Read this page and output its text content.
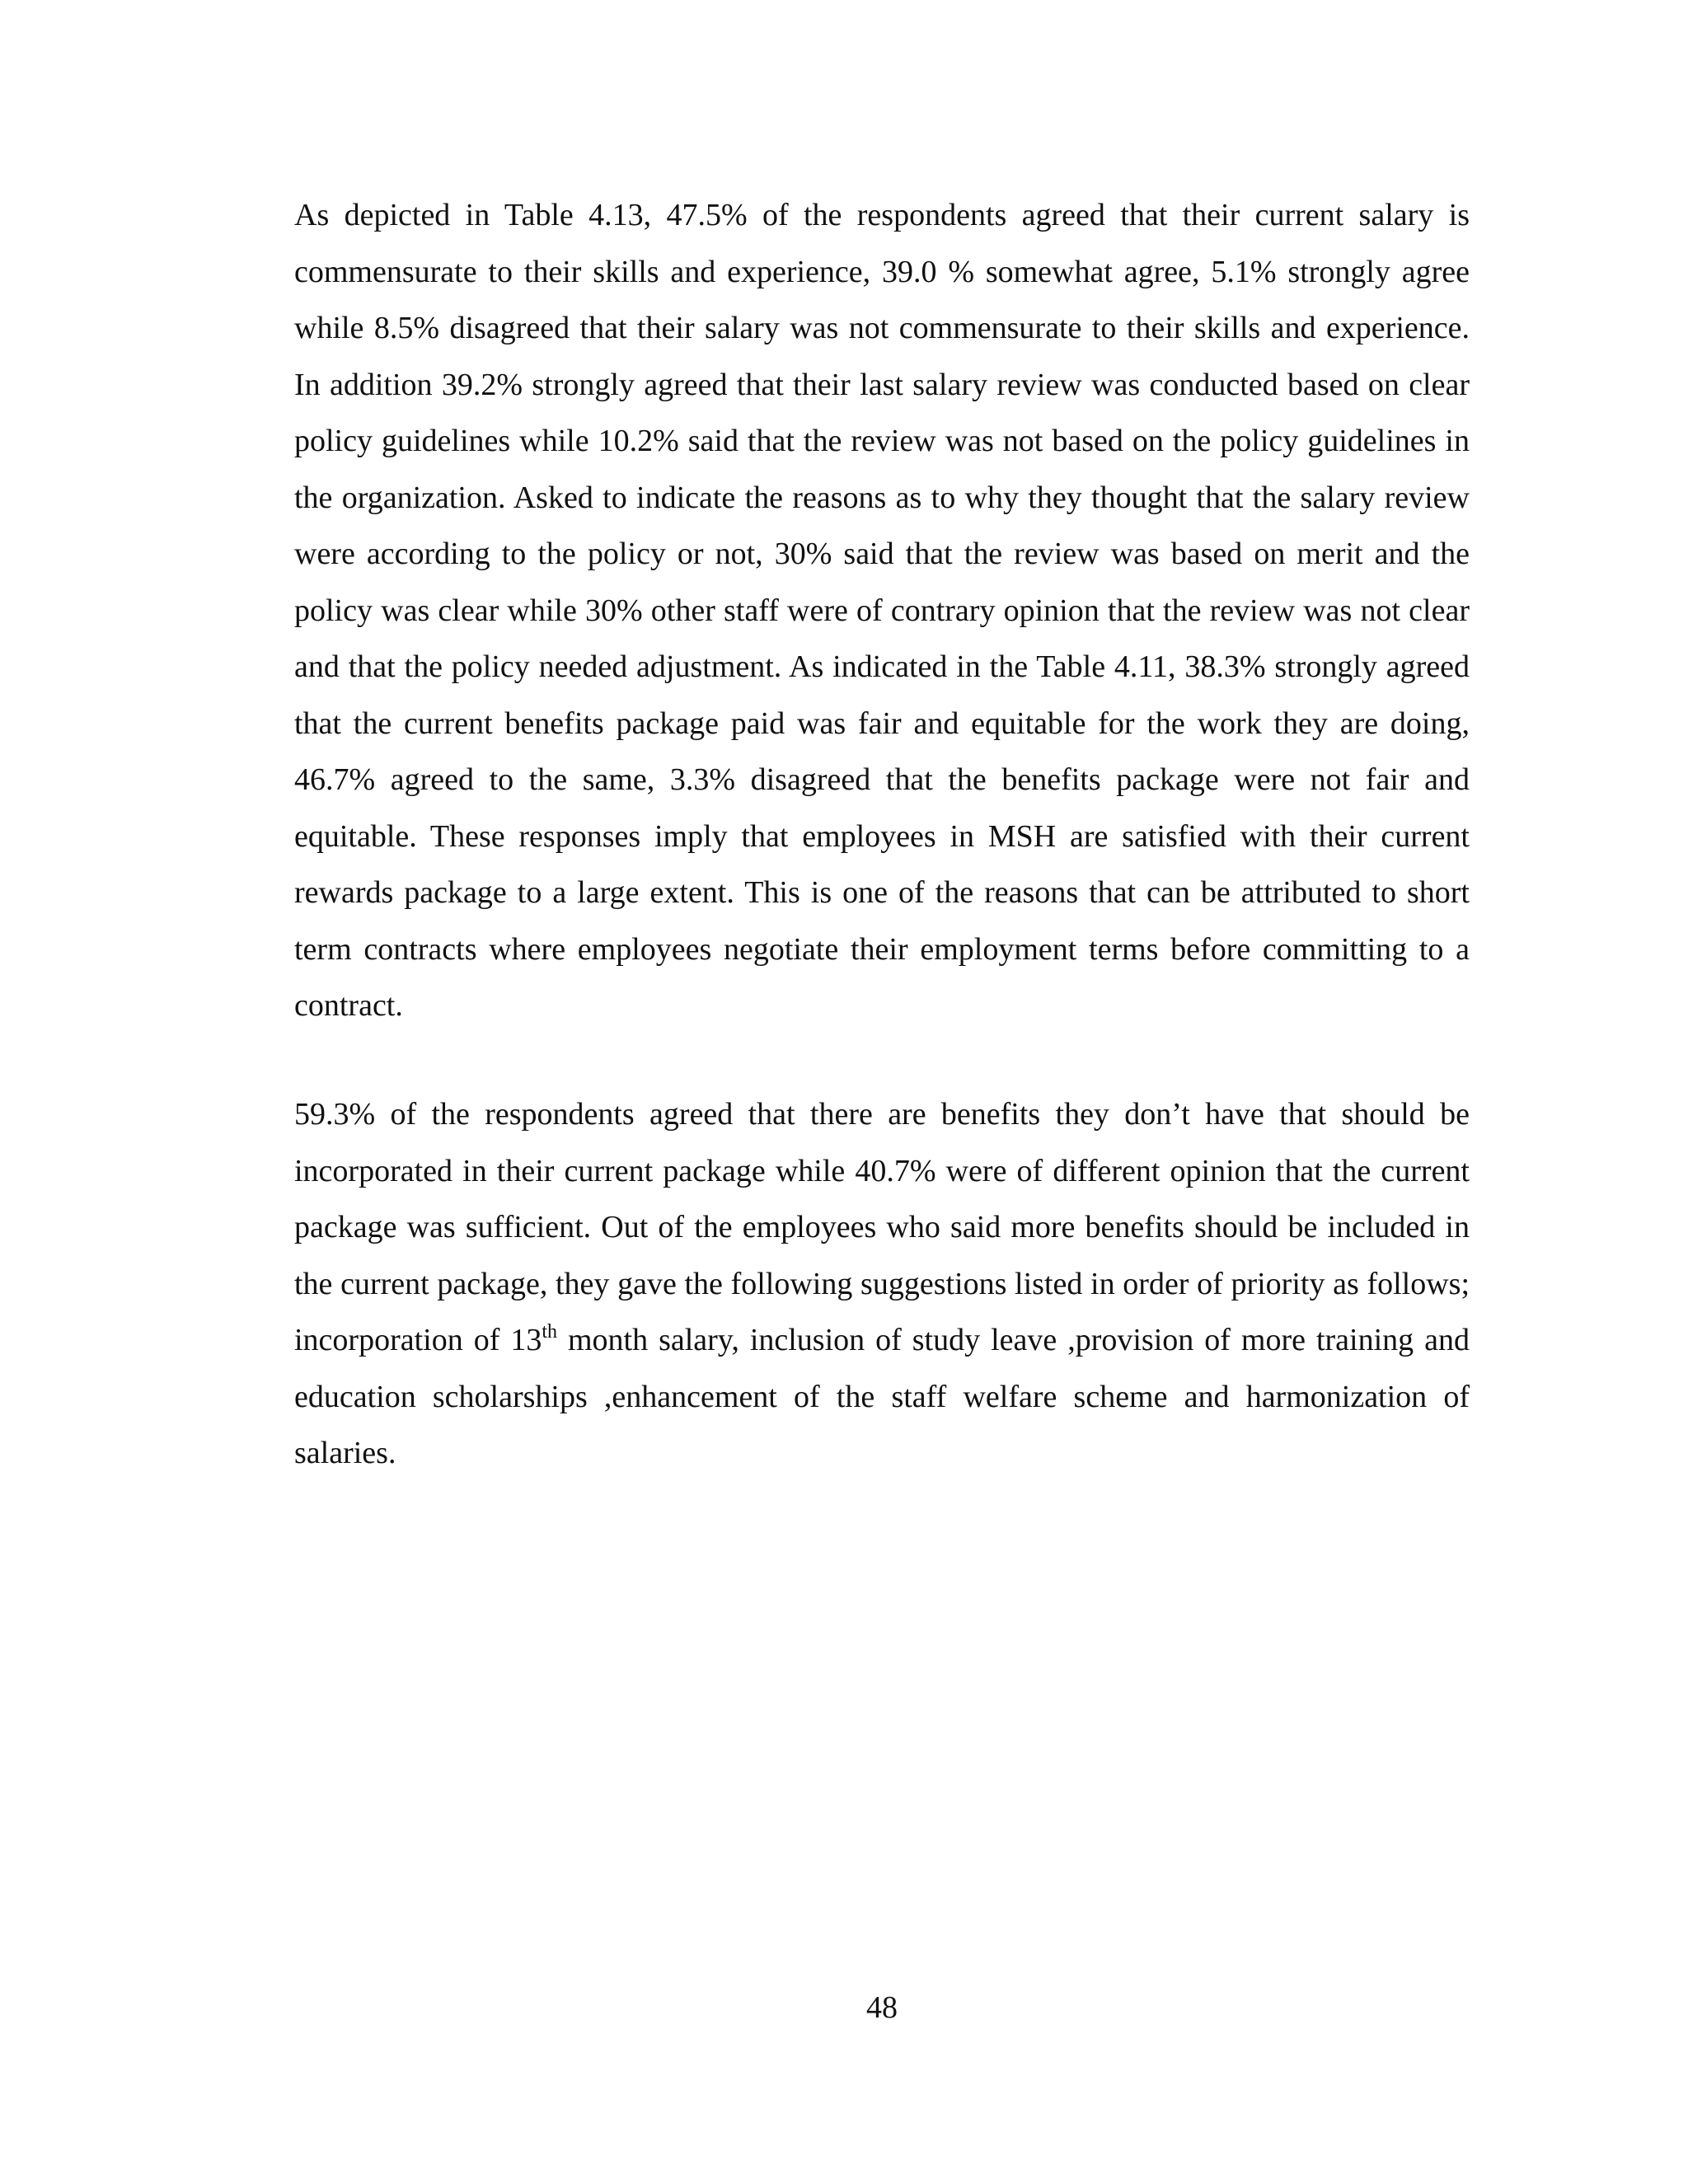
As depicted in Table 4.13, 47.5% of the respondents agreed that their current salary is commensurate to their skills and experience, 39.0 % somewhat agree, 5.1% strongly agree while 8.5% disagreed that their salary was not commensurate to their skills and experience. In addition 39.2% strongly agreed that their last salary review was conducted based on clear policy guidelines while 10.2% said that the review was not based on the policy guidelines in the organization. Asked to indicate the reasons as to why they thought that the salary review were according to the policy or not, 30% said that the review was based on merit and the policy was clear while 30% other staff were of contrary opinion that the review was not clear and that the policy needed adjustment. As indicated in the Table 4.11, 38.3% strongly agreed that the current benefits package paid was fair and equitable for the work they are doing, 46.7% agreed to the same, 3.3% disagreed that the benefits package were not fair and equitable. These responses imply that employees in MSH are satisfied with their current rewards package to a large extent. This is one of the reasons that can be attributed to short term contracts where employees negotiate their employment terms before committing to a contract.

59.3% of the respondents agreed that there are benefits they don’t have that should be incorporated in their current package while 40.7% were of different opinion that the current package was sufficient. Out of the employees who said more benefits should be included in the current package, they gave the following suggestions listed in order of priority as follows; incorporation of 13th month salary, inclusion of study leave ,provision of more training and education scholarships ,enhancement of the staff welfare scheme and harmonization of salaries.

48
